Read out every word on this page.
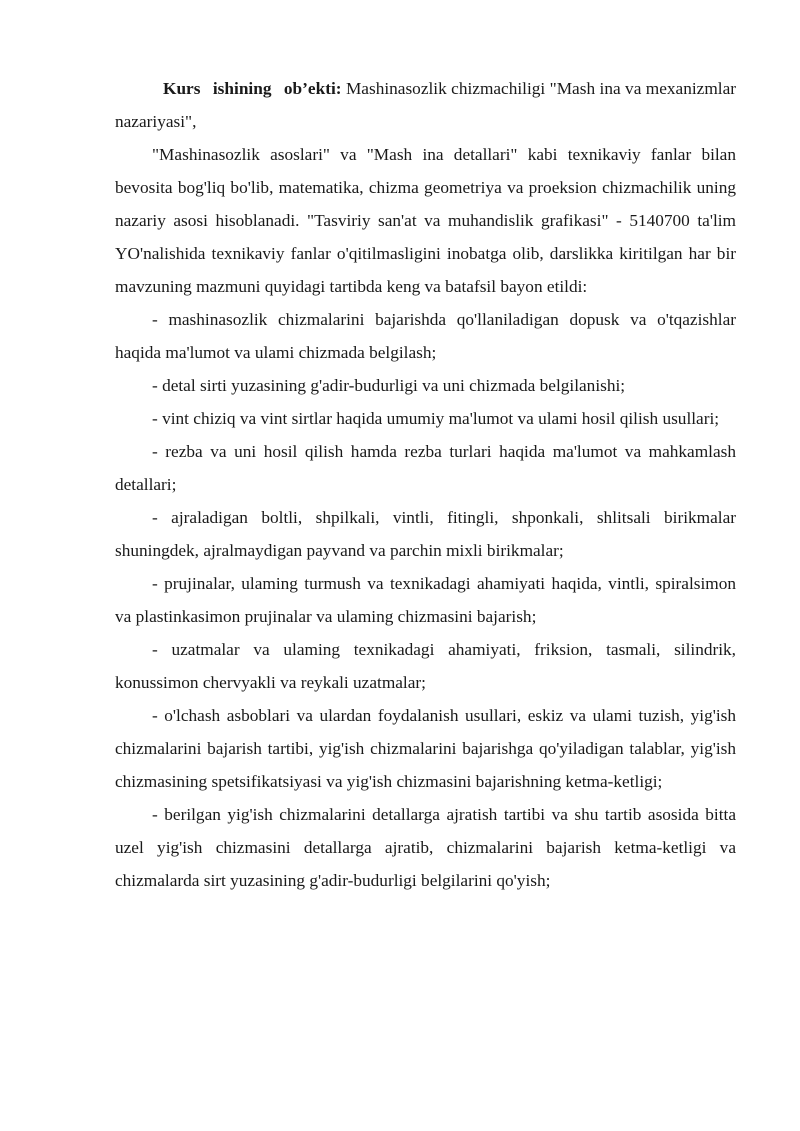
Kurs ishining ob’ekti: Mashinasozlik chizmachiligi "Mash ina va mexanizmlar nazariyasi",

"Mashinasozlik asoslari" va "Mash ina detallari" kabi texnikaviy fanlar bilan bevosita bog'liq bo'lib, matematika, chizma geometriya va proeksion chizmachilik uning nazariy asosi hisoblanadi. "Tasviriy san'at va muhandislik grafikasi" - 5140700 ta'lim YO'nalishida texnikaviy fanlar o'qitilmasligini inobatga olib, darslikka kiritilgan har bir mavzuning mazmuni quyidagi tartibda keng va batafsil bayon etildi:

- mashinasozlik chizmalarini bajarishda qo'llaniladigan dopusk va o'tqazishlar haqida ma'lumot va ulami chizmada belgilash;

- detal sirti yuzasining g'adir-budurligi va uni chizmada belgilanishi;

- vint chiziq va vint sirtlar haqida umumiy ma'lumot va ulami hosil qilish usullari;

- rezba va uni hosil qilish hamda rezba turlari haqida ma'lumot va mahkamlash detallari;

- ajraladigan boltli, shpilkali, vintli, fitingli, shponkali, shlitsali birikmalar shuningdek, ajralmaydigan payvand va parchin mixli birikmalar;

- prujinalar, ulaming turmush va texnikadagi ahamiyati haqida, vintli, spiralsimon va plastinkasimon prujinalar va ulaming chizmasini bajarish;

- uzatmalar va ulaming texnikadagi ahamiyati, friksion, tasmali, silindrik, konussimon chervyakli va reykali uzatmalar;

- o'lchash asboblari va ulardan foydalanish usullari, eskiz va ulami tuzish, yig'ish chizmalarini bajarish tartibi, yig'ish chizmalarini bajarishga qo'yiladigan talablar, yig'ish chizmasining spetsifikatsiyasi va yig'ish chizmasini bajarishning ketma-ketligi;

- berilgan yig'ish chizmalarini detallarga ajratish tartibi va shu tartib asosida bitta uzel yig'ish chizmasini detallarga ajratib, chizmalarini bajarish ketma-ketligi va chizmalarda sirt yuzasining g'adir-budurligi belgilarini qo'yish;
